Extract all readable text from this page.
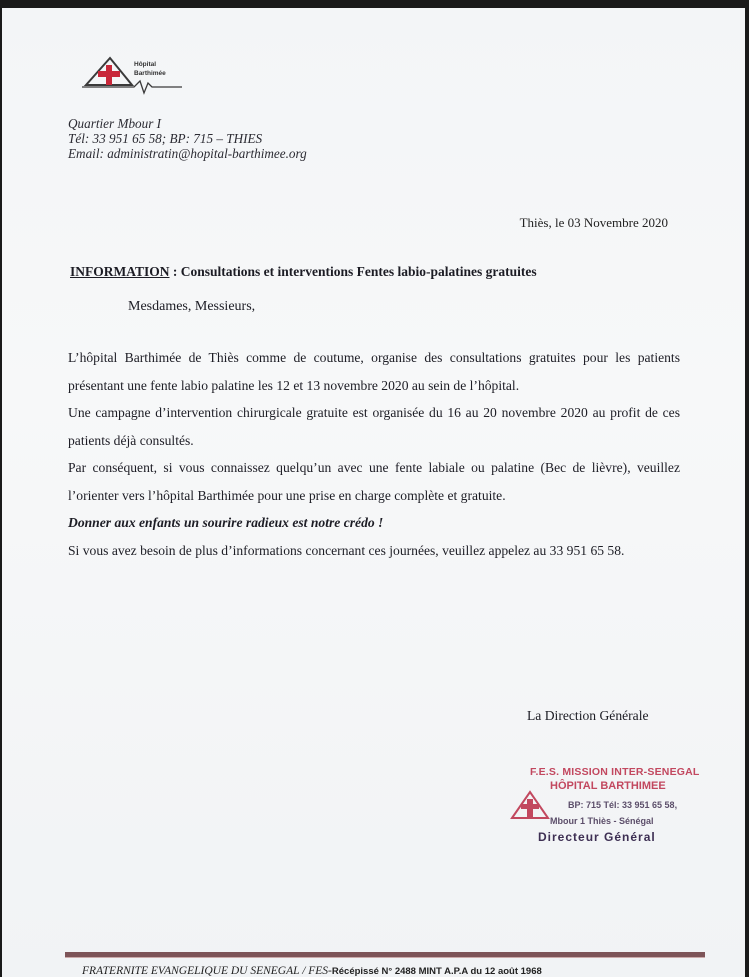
Hôpital
Barthimée
Quartier Mbour I
Tél: 33 951 65 58; BP: 715 – THIES
Email: administratin@hopital-barthimee.org
Thiès, le 03 Novembre 2020
INFORMATION : Consultations et interventions Fentes labio-palatines gratuites
Mesdames, Messieurs,

L’hôpital Barthimée de Thiès comme de coutume, organise des consultations gratuites pour les patients présentant une fente labio palatine les 12 et 13 novembre 2020 au sein de l’hôpital.

Une campagne d’intervention chirurgicale gratuite est organisée du 16 au 20 novembre 2020 au profit de ces patients déjà consultés.

Par conséquent, si vous connaissez quelqu’un avec une fente labiale ou palatine (Bec de lièvre), veuillez l’orienter vers l’hôpital Barthimée pour une prise en charge complète et gratuite.

Donner aux enfants un sourire radieux est notre crédo !

Si vous avez besoin de plus d’informations concernant ces journées, veuillez appelez au 33 951 65 58.

La Direction Générale
F.E.S. MISSION INTER-SENEGAL
HÔPITAL BARTHIMEE
BP: 715 Tél: 33 951 65 58,
Mbour 1 Thiès - Sénégal
Directeur Général
FRATERNITE EVANGELIQUE DU SENEGAL / FES-Récépissé N° 2488 MINT A.P.A du 12 août 1968
